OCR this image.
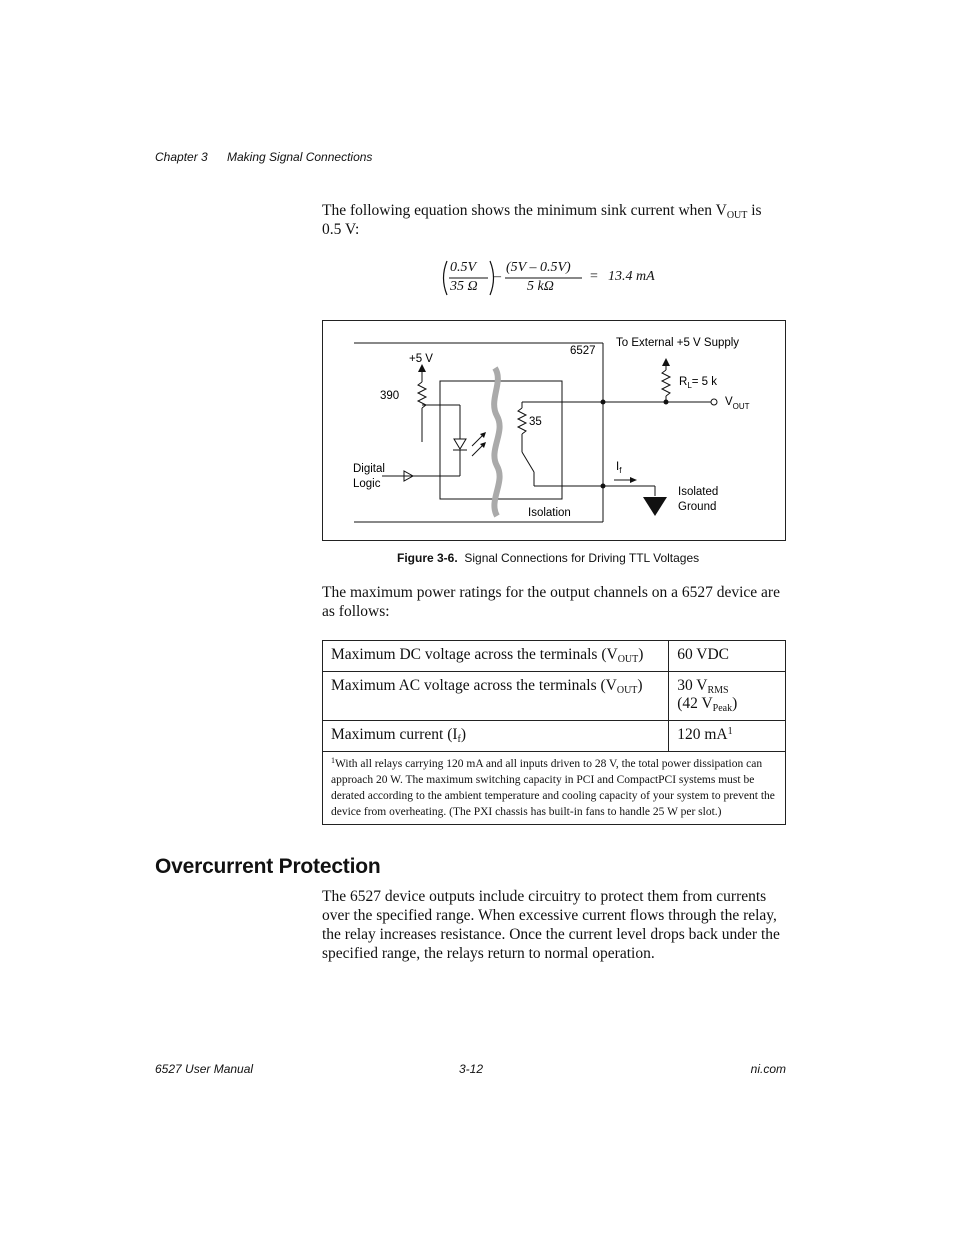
Chapter 3 Making Signal Connections
The following equation shows the minimum sink current when $V_{OUT}$ is
0.5 V:
0.5V
35 Ω
–
(5V – 0.5V)
5 kΩ
= 13.4 mA
+5 V
390
6527
To External +5 V Supply
$R_L= 5$ k
$V_{OUT}$
35
Digital
Logic
$I_f$
Isolated
Ground
Isolation
Figure 3-6. Signal Connections for Driving TTL Voltages
The maximum power ratings for the output channels on a 6527 device are
as follows:
Maximum DC voltage across the terminals $(V_{OUT})$	60 VDC
Maximum AC voltage across the terminals $(V_{OUT})$	30 $V_{RMS}$
(42 $V_{Peak}$)
Maximum current $(I_f)$	120 $mA^1$
$^1$With all relays carrying 120 mA and all inputs driven to 28 V, the total power dissipation can approach 20 W. The maximum switching capacity in PCI and CompactPCI systems must be derated according to the ambient temperature and cooling capacity of your system to prevent the device from overheating. (The PXI chassis has built-in fans to handle 25 W per slot.)	
Overcurrent Protection
The 6527 device outputs include circuitry to protect them from currents over the specified range. When excessive current flows through the relay, the relay increases resistance. Once the current level drops back under the specified range, the relays return to normal operation.
6527 User Manual	3-12	ni.com
